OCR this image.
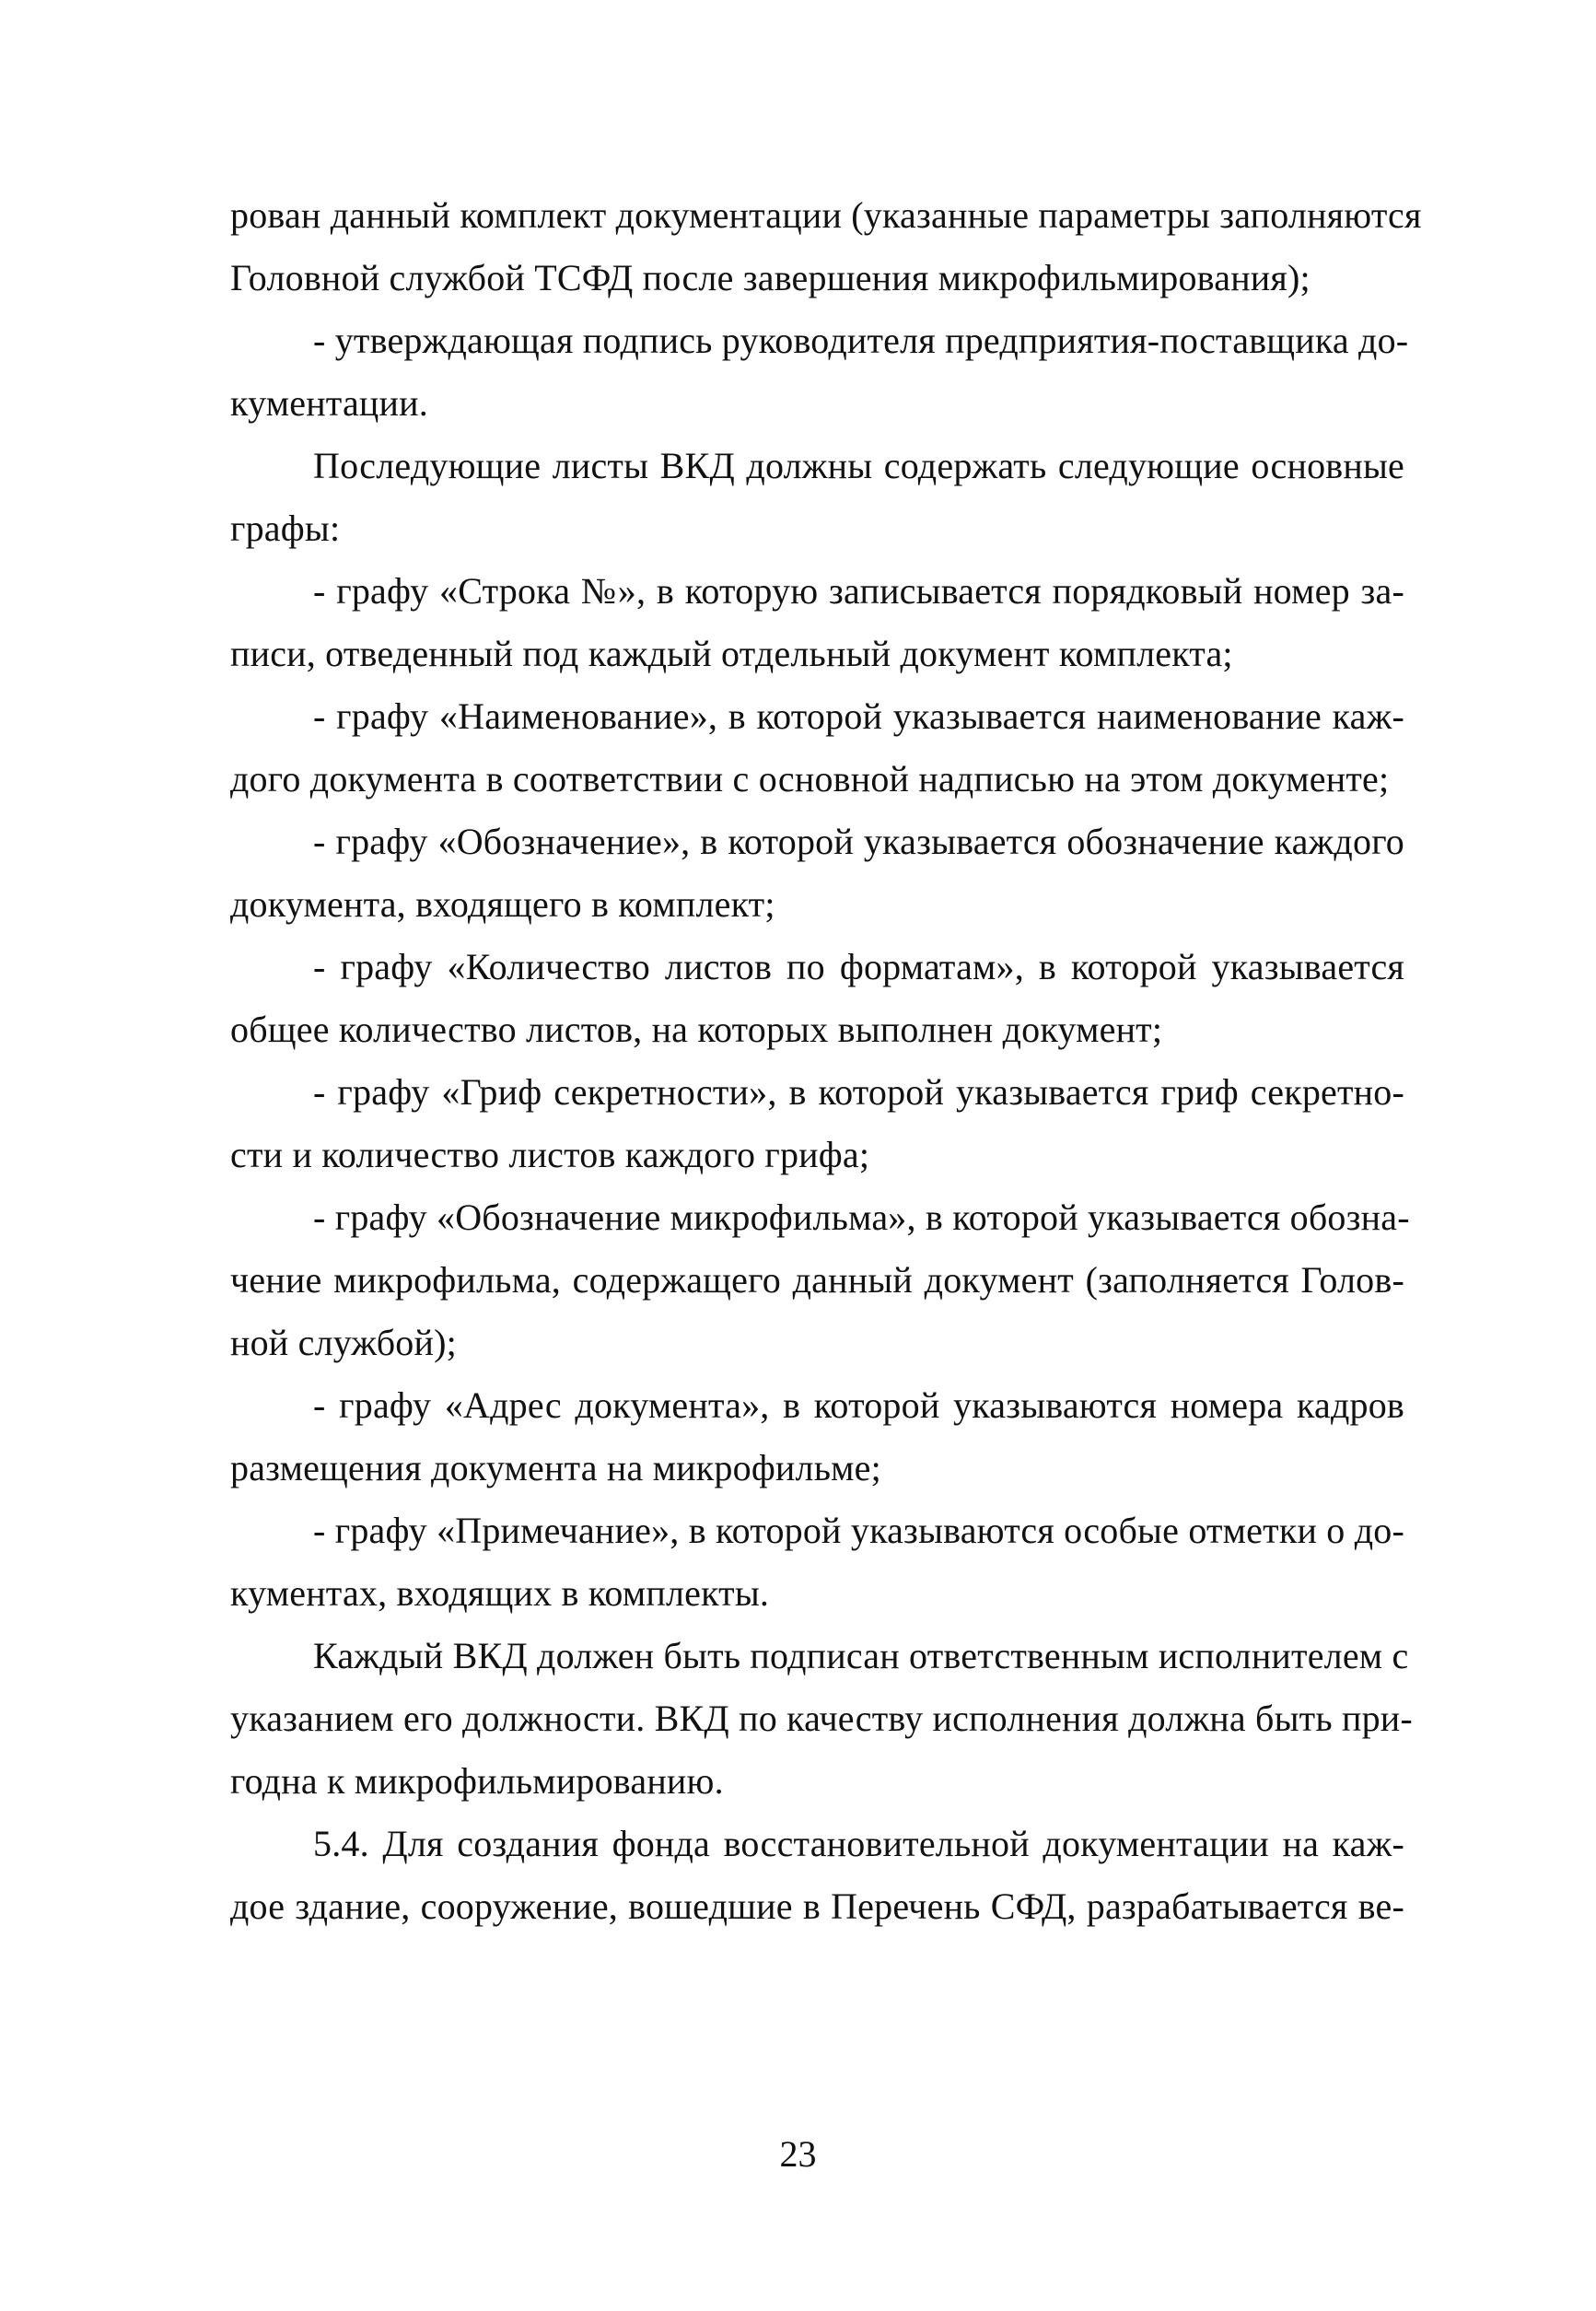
рован данный комплект документации (указанные параметры заполняются
Головной службой ТСФД после завершения микрофильмирования);
- утверждающая подпись руководителя предприятия-поставщика до-
кументации.
Последующие листы ВКД должны содержать следующие основные
графы:
- графу «Строка №», в которую записывается порядковый номер за-
писи, отведенный под каждый отдельный документ комплекта;
- графу «Наименование», в которой указывается наименование каж-
дого документа в соответствии с основной надписью на этом документе;
- графу «Обозначение», в которой указывается обозначение каждого
документа, входящего в комплект;
- графу «Количество листов по форматам», в которой указывается
общее количество листов, на которых выполнен документ;
- графу «Гриф секретности», в которой указывается гриф секретно-
сти и количество листов каждого грифа;
- графу «Обозначение микрофильма», в которой указывается обозна-
чение микрофильма, содержащего данный документ (заполняется Голов-
ной службой);
- графу «Адрес документа», в которой указываются номера кадров
размещения документа на микрофильме;
- графу «Примечание», в которой указываются особые отметки о до-
кументах, входящих в комплекты.
Каждый ВКД должен быть подписан ответственным исполнителем с
указанием его должности. ВКД по качеству исполнения должна быть при-
годна к микрофильмированию.
5.4. Для создания фонда восстановительной документации на каж-
дое здание, сооружение, вошедшие в Перечень СФД, разрабатывается ве-
23
